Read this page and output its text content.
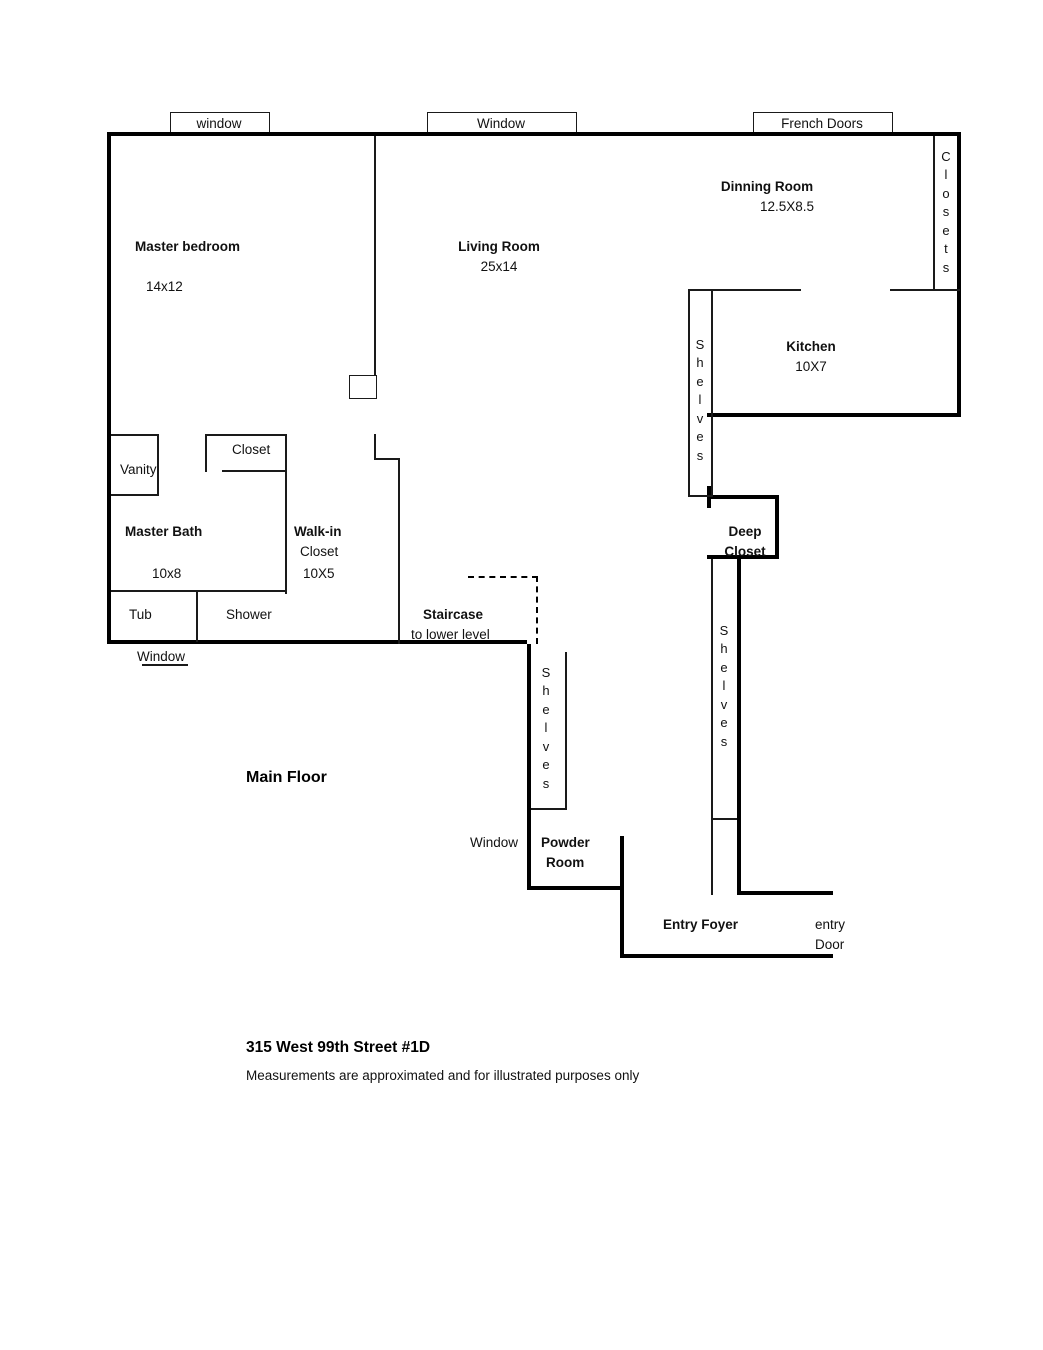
window	Window	French Doors
Window
Window
Master bedroom
14x12
Living Room
25x14
Dinning Room
12.5X8.5
Kitchen
10X7
Master Bath
10x8
Walk-in
Closet
10X5
Powder
Room
Entry Foyer
Deep
Closet
Vanity
Closet
Tub	Shower	Staircase
to lower level
entry
Door
C
l
o
s
e
t
s
S
h
e
l
v
e
s
S
h
e
l
v
e
s
S
h
e
l
v
e
s
Main Floor
315 West 99th Street #1D
Measurements are approximated and for illustrated purposes only
